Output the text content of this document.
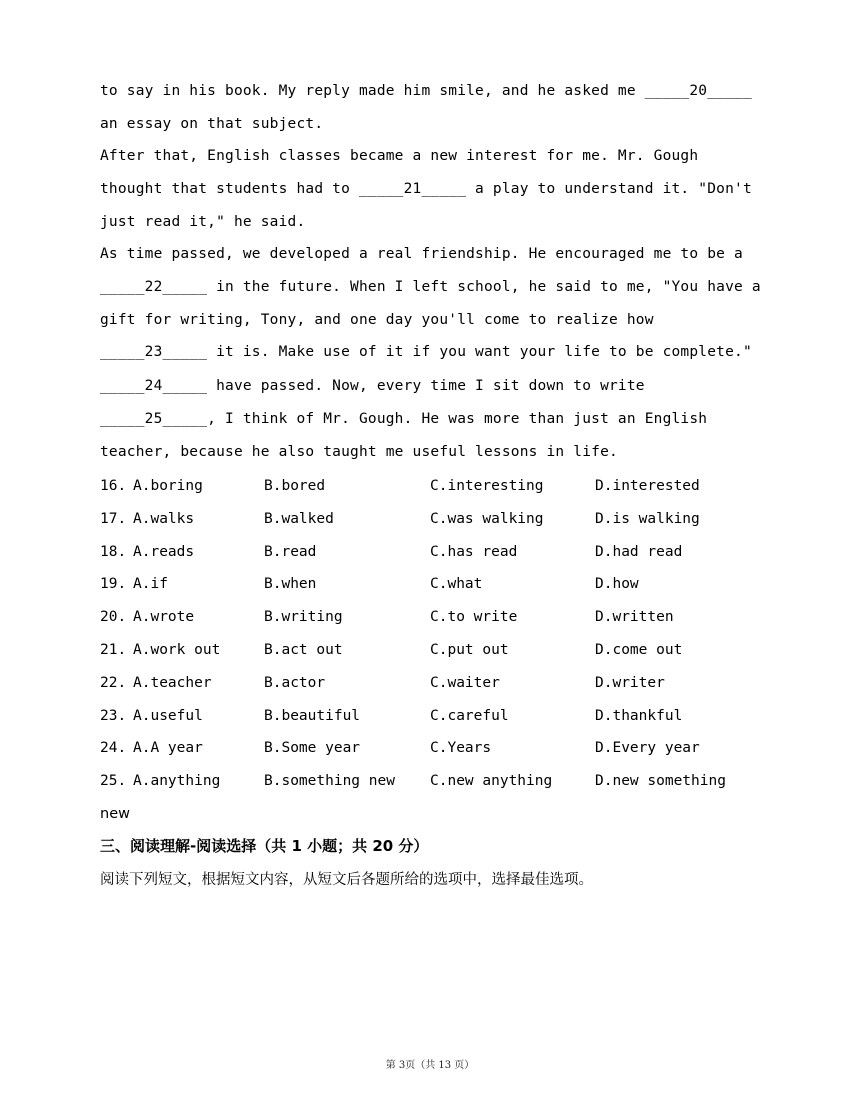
to say in his book. My reply made him smile, and he asked me _____20_____ an essay on that subject.
After that, English classes became a new interest for me. Mr. Gough thought that students had to _____21_____ a play to understand it. "Don't just read it," he said.
As time passed, we developed a real friendship. He encouraged me to be a _____22_____ in the future. When I left school, he said to me, "You have a gift for writing, Tony, and one day you'll come to realize how _____23_____ it is. Make use of it if you want your life to be complete."
_____24_____ have passed. Now, every time I sit down to write _____25_____, I think of Mr. Gough. He was more than just an English teacher, because he also taught me useful lessons in life.
16. A.boring	B.bored	C.interesting	D.interested
17. A.walks	B.walked	C.was walking	D.is walking
18. A.reads	B.read	C.has read	D.had read
19. A.if	B.when	C.what	D.how
20. A.wrote	B.writing	C.to write	D.written
21. A.work out	B.act out	C.put out	D.come out
22. A.teacher	B.actor	C.waiter	D.writer
23. A.useful	B.beautiful	C.careful	D.thankful
24. A.A year	B.Some year	C.Years	D.Every year
25. A.anything	B.something new C.new anything	D.new something
new
三、阅读理解-阅读选择（共 1 小题；共 20 分）
阅读下列短文，根据短文内容，从短文后各题所给的选项中，选择最佳选项。
第 3页（共 13 页）
